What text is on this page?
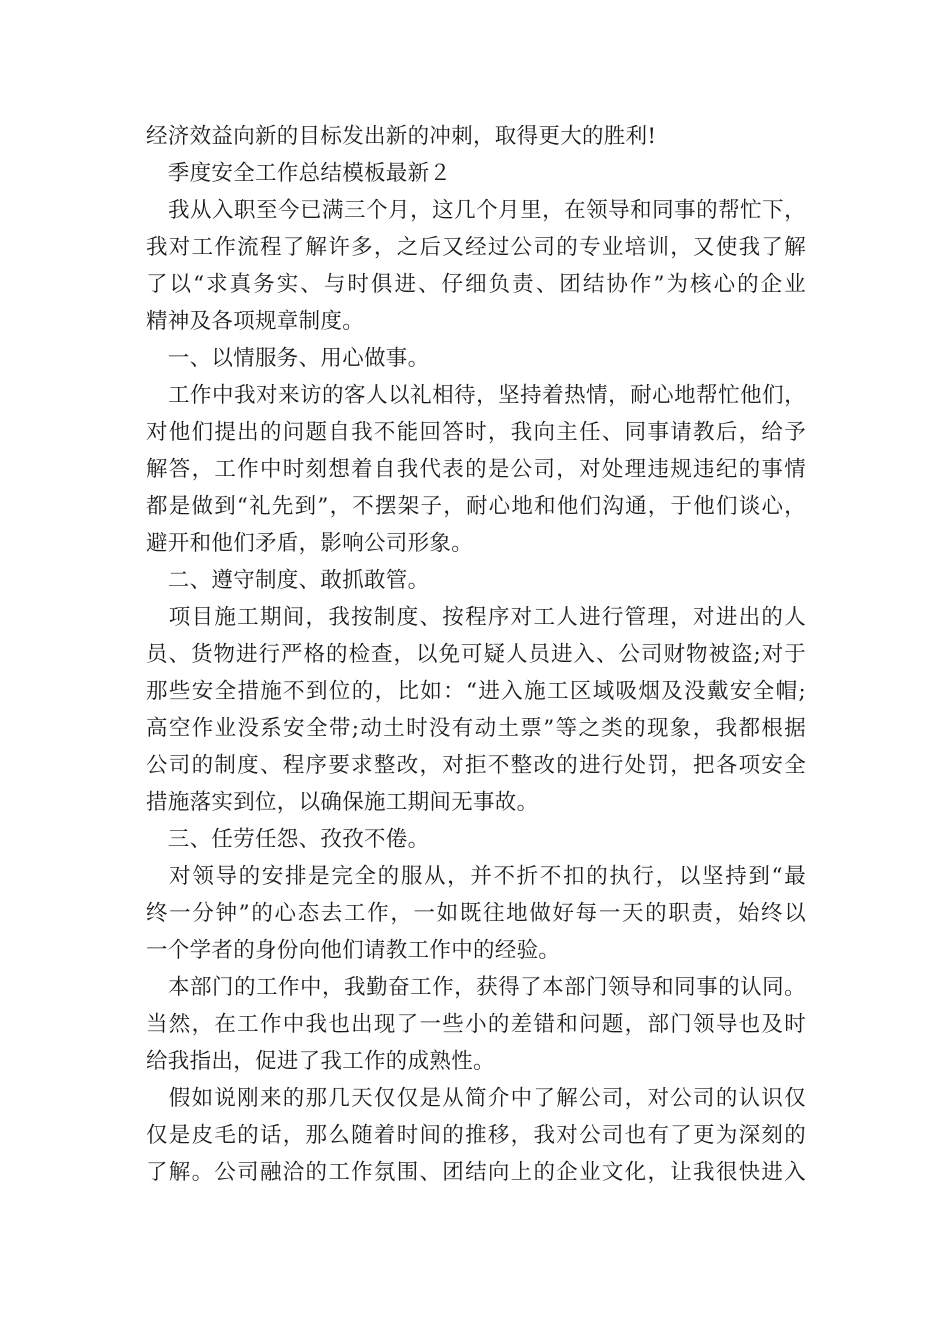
经济效益向新的目标发出新的冲刺，取得更大的胜利!
　季度安全工作总结模板最新２
　我从入职至今已满三个月，这几个月里，在领导和同事的帮忙下，
我对工作流程了解许多，之后又经过公司的专业培训，又使我了解
了以“求真务实、与时俱进、仔细负责、团结协作”为核心的企业
精神及各项规章制度。
　一、以情服务、用心做事。
　工作中我对来访的客人以礼相待，坚持着热情，耐心地帮忙他们，
对他们提出的问题自我不能回答时，我向主任、同事请教后，给予
解答，工作中时刻想着自我代表的是公司，对处理违规违纪的事情
都是做到“礼先到”，不摆架子，耐心地和他们沟通，于他们谈心，
避开和他们矛盾，影响公司形象。
　二、遵守制度、敢抓敢管。
　项目施工期间，我按制度、按程序对工人进行管理，对进出的人
员、货物进行严格的检查，以免可疑人员进入、公司财物被盗;对于
那些安全措施不到位的，比如：“进入施工区域吸烟及没戴安全帽;
高空作业没系安全带;动土时没有动土票”等之类的现象，我都根据
公司的制度、程序要求整改，对拒不整改的进行处罚，把各项安全
措施落实到位，以确保施工期间无事故。
　三、任劳任怨、孜孜不倦。
　对领导的安排是完全的服从，并不折不扣的执行，以坚持到“最
终一分钟”的心态去工作，一如既往地做好每一天的职责，始终以
一个学者的身份向他们请教工作中的经验。
　本部门的工作中，我勤奋工作，获得了本部门领导和同事的认同。
当然，在工作中我也出现了一些小的差错和问题，部门领导也及时
给我指出，促进了我工作的成熟性。
　假如说刚来的那几天仅仅是从简介中了解公司，对公司的认识仅
仅是皮毛的话，那么随着时间的推移，我对公司也有了更为深刻的
了解。公司融洽的工作氛围、团结向上的企业文化，让我很快进入
